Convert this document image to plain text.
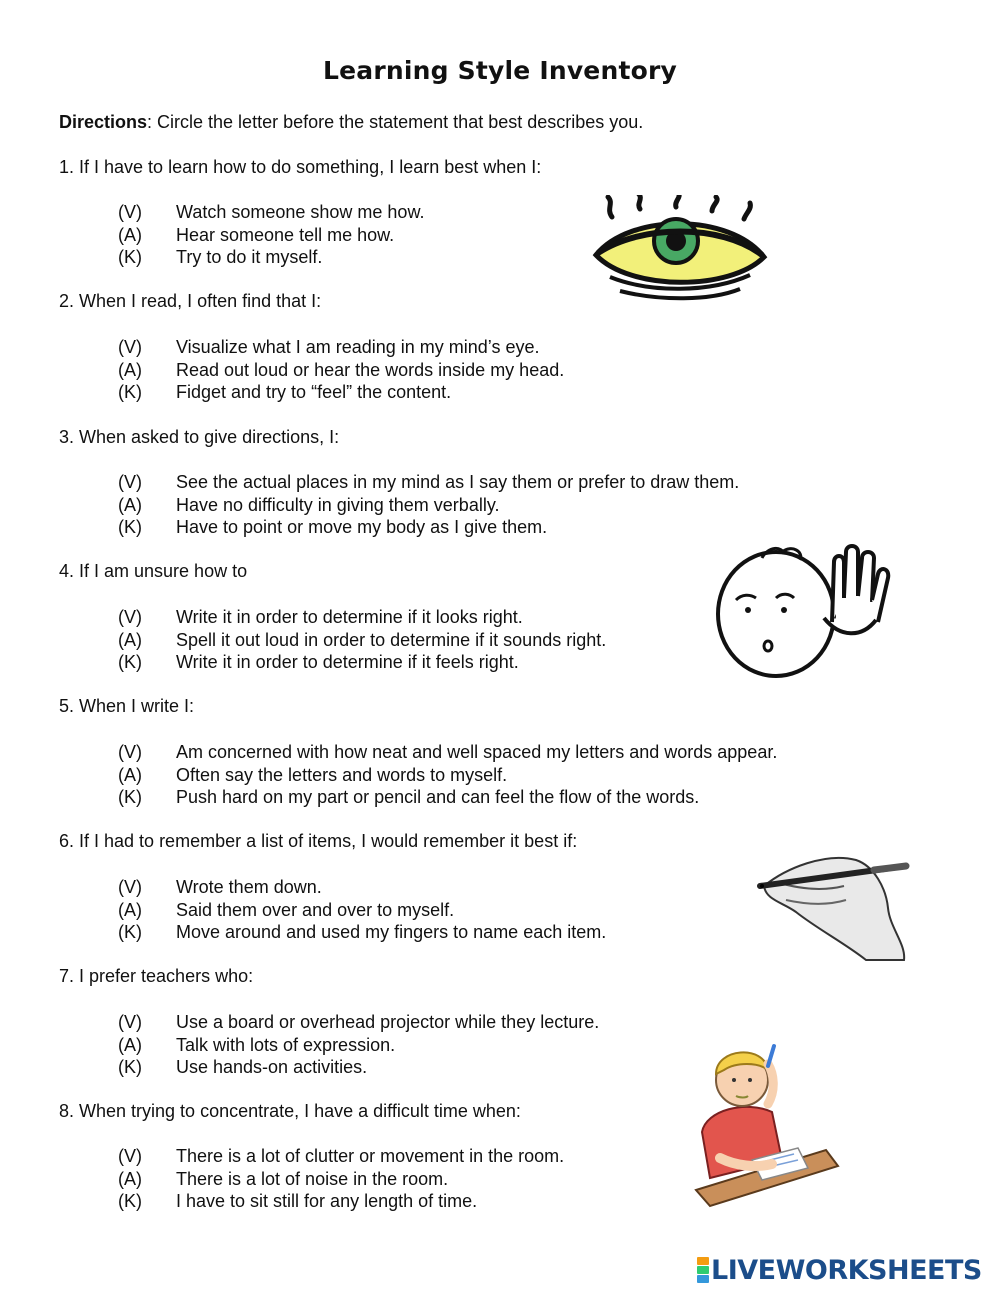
Learning Style Inventory
Directions: Circle the letter before the statement that best describes you.
1. If I have to learn how to do something, I learn best when I:
(V) Watch someone show me how.
(A) Hear someone tell me how.
(K) Try to do it myself.
2. When I read, I often find that I:
(V) Visualize what I am reading in my mind’s eye.
(A) Read out loud or hear the words inside my head.
(K) Fidget and try to “feel” the content.
3. When asked to give directions, I:
(V) See the actual places in my mind as I say them or prefer to draw them.
(A) Have no difficulty in giving them verbally.
(K) Have to point or move my body as I give them.
4. If I am unsure how to
(V) Write it in order to determine if it looks right.
(A) Spell it out loud in order to determine if it sounds right.
(K) Write it in order to determine if it feels right.
5. When I write I:
(V) Am concerned with how neat and well spaced my letters and words appear.
(A) Often say the letters and words to myself.
(K) Push hard on my part or pencil and can feel the flow of the words.
6. If I had to remember a list of items, I would remember it best if:
(V) Wrote them down.
(A) Said them over and over to myself.
(K) Move around and used my fingers to name each item.
7. I prefer teachers who:
(V) Use a board or overhead projector while they lecture.
(A) Talk with lots of expression.
(K) Use hands-on activities.
8. When trying to concentrate, I have a difficult time when:
(V) There is a lot of clutter or movement in the room.
(A) There is a lot of noise in the room.
(K) I have to sit still for any length of time.
LIVEWORKSHEETS
